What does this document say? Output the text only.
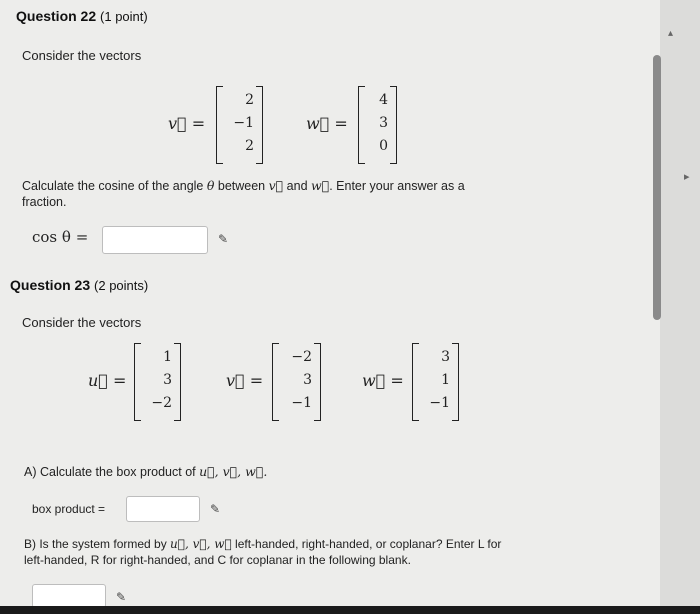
▴
▸
Question 22 (1 point)
Consider the vectors
v⃗ =
2
−1
2
w⃗ =
4
3
0
Calculate the cosine of the angle θ between v⃗ and w⃗. Enter your answer as a fraction.
cos θ =	✎
Question 23 (2 points)
Consider the vectors
u⃗ =
1
3
−2
v⃗ =
−2
3
−1
w⃗ =
3
1
−1
A) Calculate the box product of u⃗, v⃗, w⃗.
box product =	✎
B) Is the system formed by u⃗, v⃗, w⃗ left-handed, right-handed, or coplanar? Enter L for left-handed, R for right-handed, and C for coplanar in the following blank.
✎
